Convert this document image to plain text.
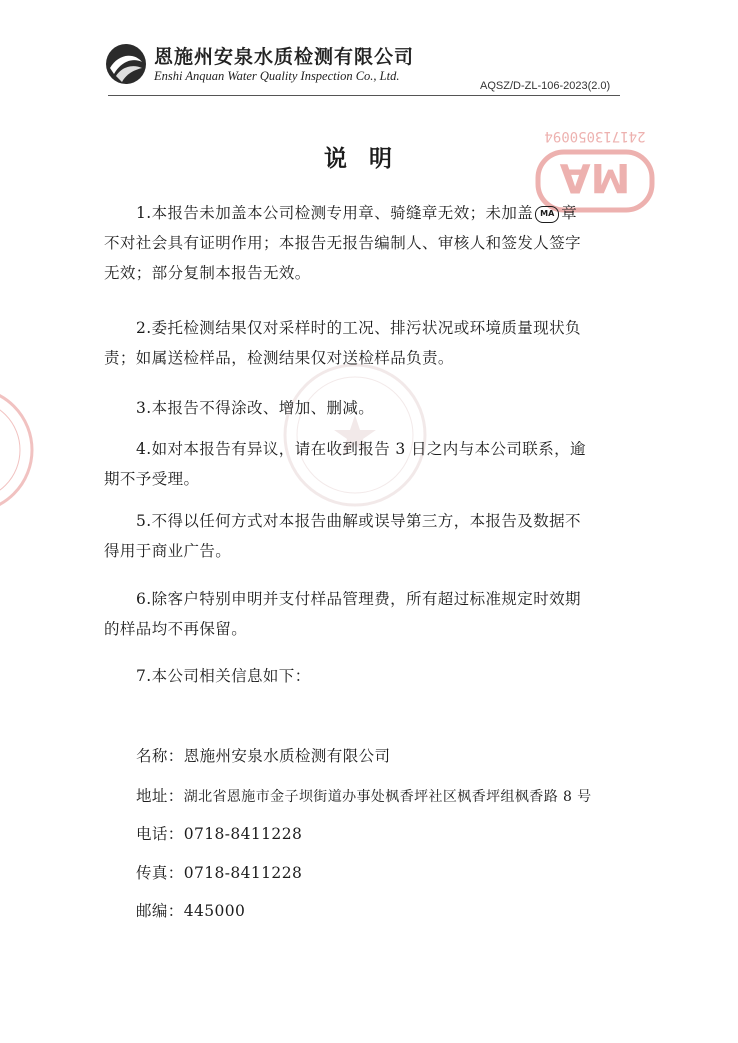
恩施州安泉水质检测有限公司
Enshi Anquan Water Quality Inspection Co., Ltd.
AQSZ/D-ZL-106-2023(2.0)
MA
241713050094
说明
1.本报告未加盖本公司检测专用章、骑缝章无效；未加盖 MA 章
不对社会具有证明作用；本报告无报告编制人、审核人和签发人签字
无效；部分复制本报告无效。
2.委托检测结果仅对采样时的工况、排污状况或环境质量现状负
责；如属送检样品，检测结果仅对送检样品负责。
3.本报告不得涂改、增加、删减。
4.如对本报告有异议，请在收到报告 3 日之内与本公司联系，逾
期不予受理。
5.不得以任何方式对本报告曲解或误导第三方，本报告及数据不
得用于商业广告。
6.除客户特别申明并支付样品管理费，所有超过标准规定时效期
的样品均不再保留。
7.本公司相关信息如下：
名称：恩施州安泉水质检测有限公司
地址：湖北省恩施市金子坝街道办事处枫香坪社区枫香坪组枫香路 8 号
电话：0718-8411228
传真：0718-8411228
邮编：445000
